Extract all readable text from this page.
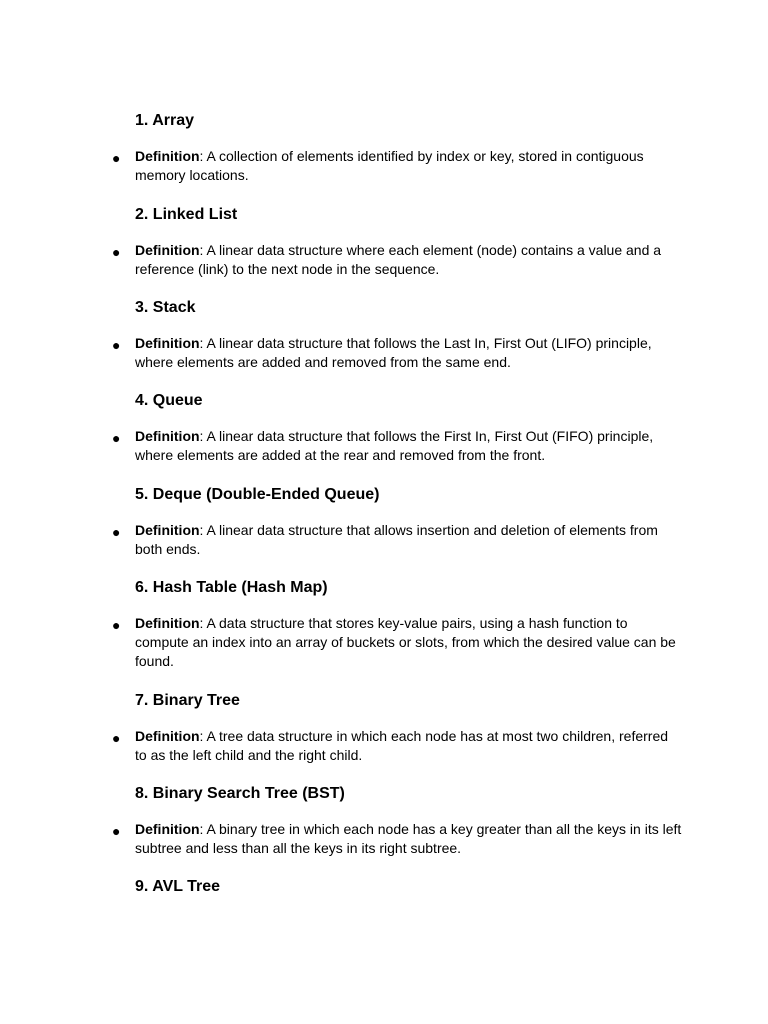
1. Array
● Definition: A collection of elements identified by index or key, stored in contiguous memory locations.

2. Linked List
● Definition: A linear data structure where each element (node) contains a value and a reference (link) to the next node in the sequence.

3. Stack
● Definition: A linear data structure that follows the Last In, First Out (LIFO) principle, where elements are added and removed from the same end.

4. Queue
● Definition: A linear data structure that follows the First In, First Out (FIFO) principle, where elements are added at the rear and removed from the front.

5. Deque (Double-Ended Queue)
● Definition: A linear data structure that allows insertion and deletion of elements from both ends.

6. Hash Table (Hash Map)
● Definition: A data structure that stores key-value pairs, using a hash function to compute an index into an array of buckets or slots, from which the desired value can be found.

7. Binary Tree
● Definition: A tree data structure in which each node has at most two children, referred to as the left child and the right child.

8. Binary Search Tree (BST)
● Definition: A binary tree in which each node has a key greater than all the keys in its left subtree and less than all the keys in its right subtree.

9. AVL Tree
